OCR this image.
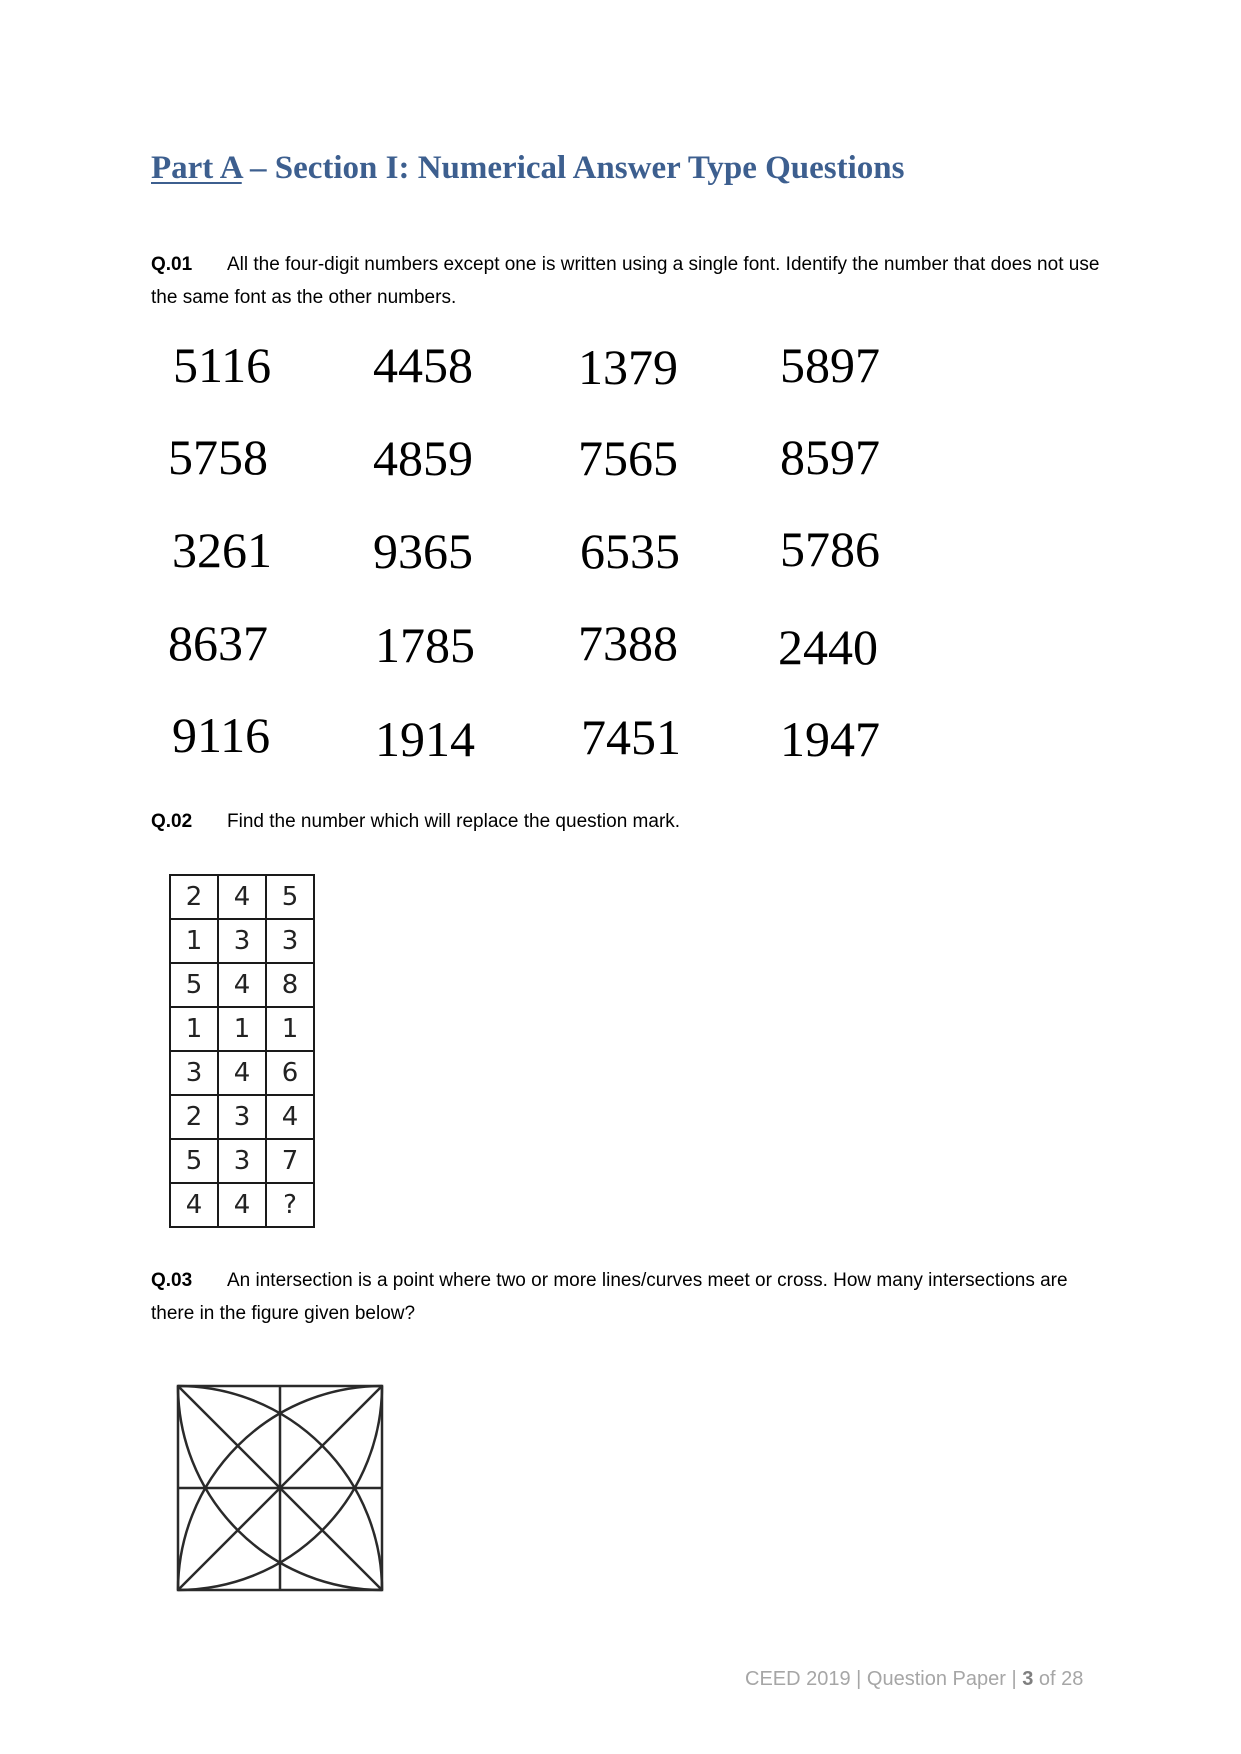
Part A – Section I: Numerical Answer Type Questions
Q.01 All the four-digit numbers except one is written using a single font. Identify the number that does not use the same font as the other numbers.
5116 4458 1379 5897
5758 4859 7565 8597
3261 9365 6535 5786
8637 1785 7388 2440
9116 1914 7451 1947
Q.02 Find the number which will replace the question mark.
2	4	5
1	3	3
5	4	8
1	1	1
3	4	6
2	3	4
5	3	7
4	4	?
Q.03 An intersection is a point where two or more lines/curves meet or cross. How many intersections are there in the figure given below?
CEED 2019 | Question Paper | 3 of 28
